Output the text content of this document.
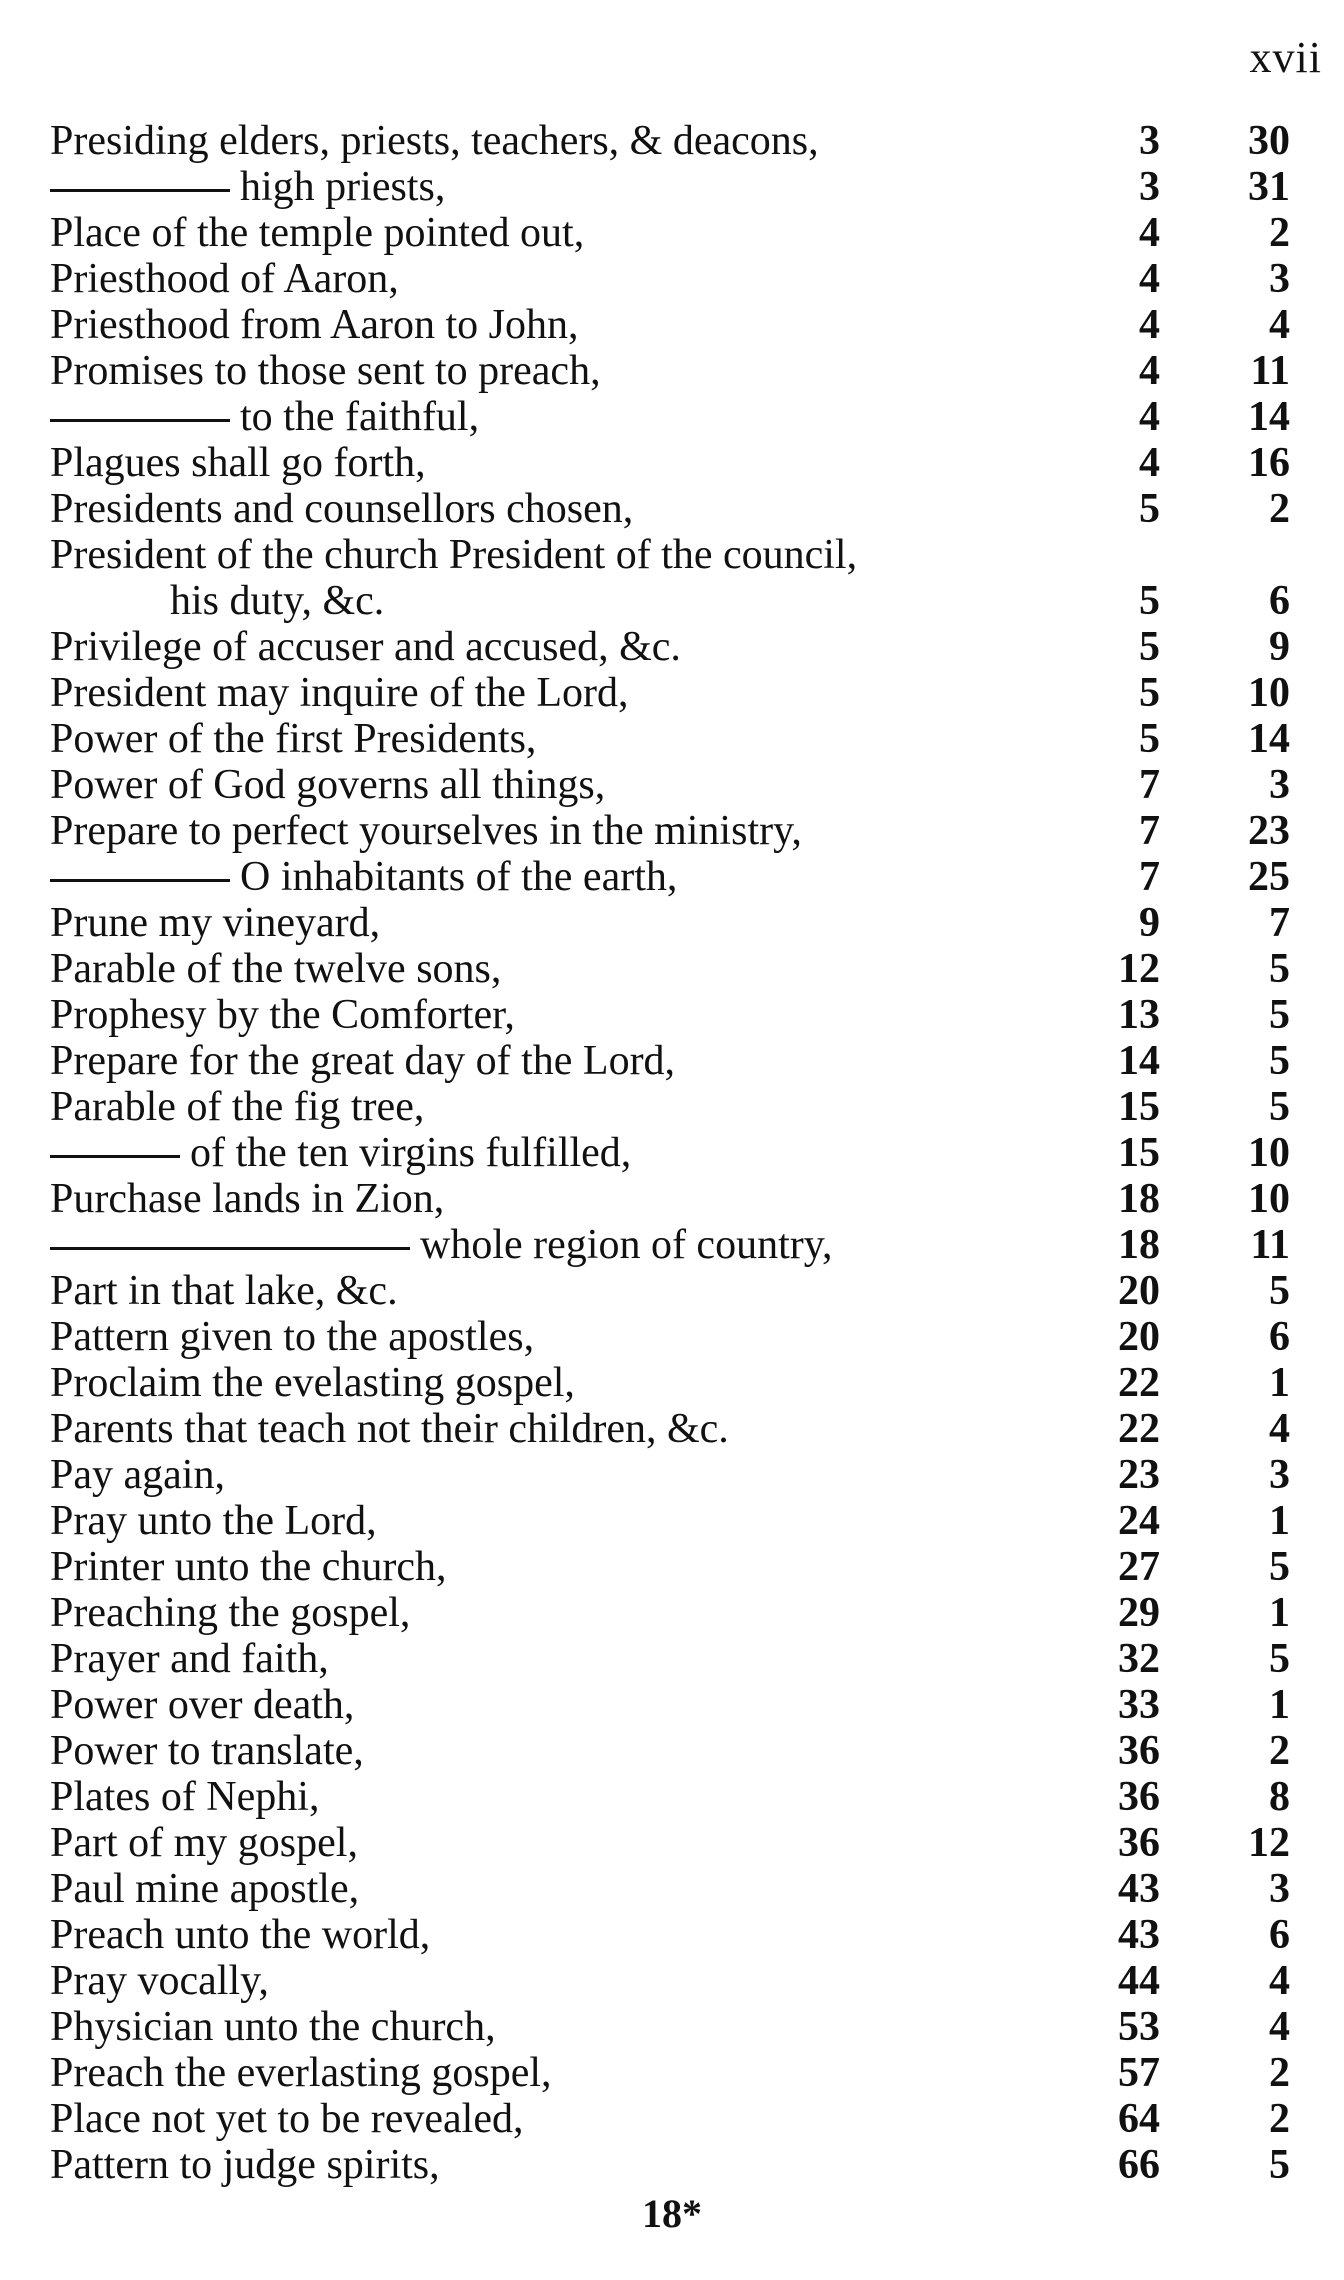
xvii
Presiding elders, priests, teachers, & deacons,	3	30
high priests,	3	31
Place of the temple pointed out,	4	2
Priesthood of Aaron,	4	3
Priesthood from Aaron to John,	4	4
Promises to those sent to preach,	4	11
to the faithful,	4	14
Plagues shall go forth,	4	16
Presidents and counsellors chosen,	5	2
President of the church President of the council,
his duty, &c.	5	6
Privilege of accuser and accused, &c.	5	9
President may inquire of the Lord,	5	10
Power of the first Presidents,	5	14
Power of God governs all things,	7	3
Prepare to perfect yourselves in the ministry,	7	23
O inhabitants of the earth,	7	25
Prune my vineyard,	9	7
Parable of the twelve sons,	12	5
Prophesy by the Comforter,	13	5
Prepare for the great day of the Lord,	14	5
Parable of the fig tree,	15	5
of the ten virgins fulfilled,	15	10
Purchase lands in Zion,	18	10
whole region of country,	18	11
Part in that lake, &c.	20	5
Pattern given to the apostles,	20	6
Proclaim the evelasting gospel,	22	1
Parents that teach not their children, &c.	22	4
Pay again,	23	3
Pray unto the Lord,	24	1
Printer unto the church,	27	5
Preaching the gospel,	29	1
Prayer and faith,	32	5
Power over death,	33	1
Power to translate,	36	2
Plates of Nephi,	36	8
Part of my gospel,	36	12
Paul mine apostle,	43	3
Preach unto the world,	43	6
Pray vocally,	44	4
Physician unto the church,	53	4
Preach the everlasting gospel,	57	2
Place not yet to be revealed,	64	2
Pattern to judge spirits,	66	5
18*
